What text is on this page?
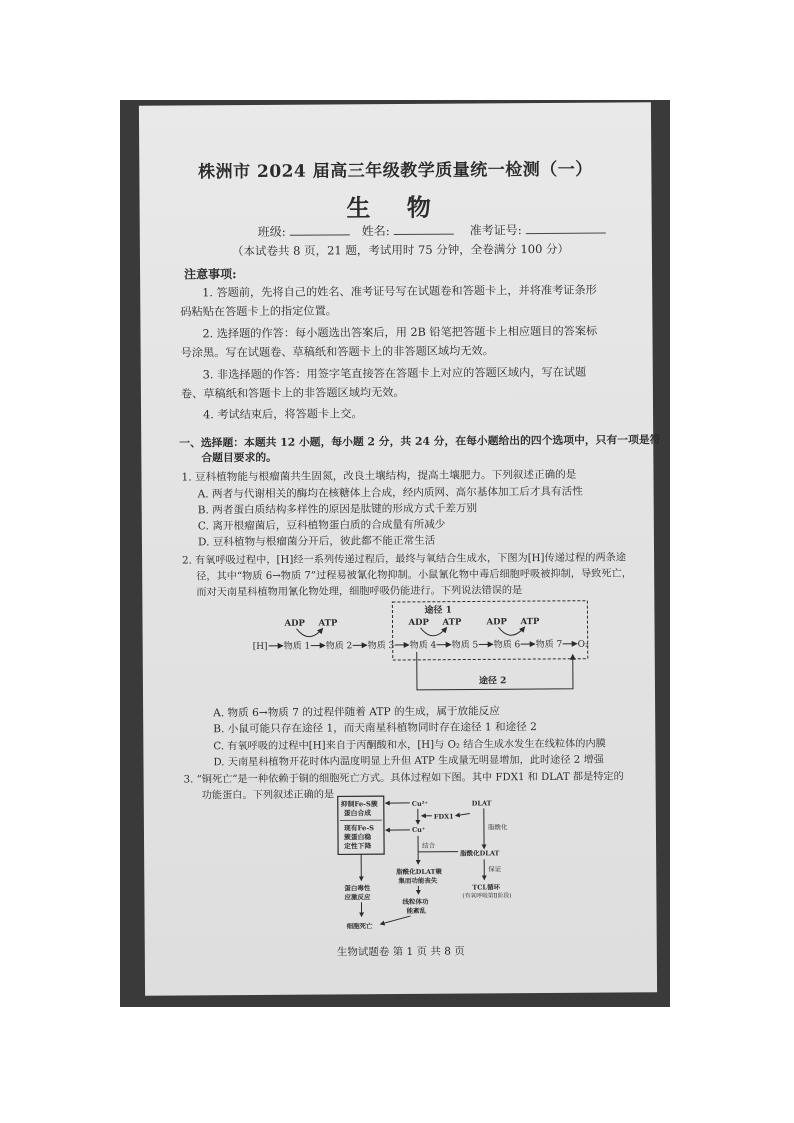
株洲市 2024 届高三年级教学质量统一检测（一）
生 物
班级:	姓名:	准考证号:
（本试卷共 8 页，21 题，考试用时 75 分钟，全卷满分 100 分）
注意事项:
1. 答题前，先将自己的姓名、准考证号写在试题卷和答题卡上，并将准考证条形
码粘贴在答题卡上的指定位置。
2. 选择题的作答：每小题选出答案后，用 2B 铅笔把答题卡上相应题目的答案标
号涂黑。写在试题卷、草稿纸和答题卡上的非答题区域均无效。
3. 非选择题的作答：用签字笔直接答在答题卡上对应的答题区域内，写在试题
卷、草稿纸和答题卡上的非答题区域均无效。
4. 考试结束后，将答题卡上交。
一、选择题：本题共 12 小题，每小题 2 分，共 24 分，在每小题给出的四个选项中，只有一项是符
合题目要求的。
1. 豆科植物能与根瘤菌共生固氮，改良土壤结构，提高土壤肥力。下列叙述正确的是
A. 两者与代谢相关的酶均在核糖体上合成，经内质网、高尔基体加工后才具有活性
B. 两者蛋白质结构多样性的原因是肽键的形成方式千差万别
C. 离开根瘤菌后，豆科植物蛋白质的合成量有所减少
D. 豆科植物与根瘤菌分开后，彼此都不能正常生活
2. 有氧呼吸过程中，[H]经一系列传递过程后，最终与氧结合生成水，下图为[H]传递过程的两条途
径，其中“物质 6→物质 7”过程易被氰化物抑制。小鼠氰化物中毒后细胞呼吸被抑制，导致死亡，
而对天南星科植物用氰化物处理，细胞呼吸仍能进行。下列说法错误的是
途径 1
[H] 物质 1 物质 2 物质 3 物质 4 物质 5 物质 6 物质 7 O₂
ADP ATP	ADP ATP	ADP ATP
途径 2
A. 物质 6→物质 7 的过程伴随着 ATP 的生成，属于放能反应
B. 小鼠可能只存在途径 1，而天南星科植物同时存在途径 1 和途径 2
C. 有氧呼吸的过程中[H]来自于丙酮酸和水，[H]与 O₂ 结合生成水发生在线粒体的内膜
D. 天南星科植物开花时体内温度明显上升但 ATP 生成量无明显增加，此时途径 2 增强
3. “铜死亡”是一种依赖于铜的细胞死亡方式。具体过程如下图。其中 FDX1 和 DLAT 都是特定的
功能蛋白。下列叙述正确的是
抑制Fe-S簇
蛋白合成
现有Fe-S
簇蛋白稳
定性下降
Cu²⁺
FDX1
Cu⁺
DLAT
脂酰化
结合
脂酰化DLAT
脂酰化DLAT聚
集而功能丧失
保证
TCL循环
(有氧呼吸第Ⅱ阶段)
蛋白毒性
应激反应
线粒体功
能紊乱
细胞死亡
生物试题卷 第 1 页 共 8 页
